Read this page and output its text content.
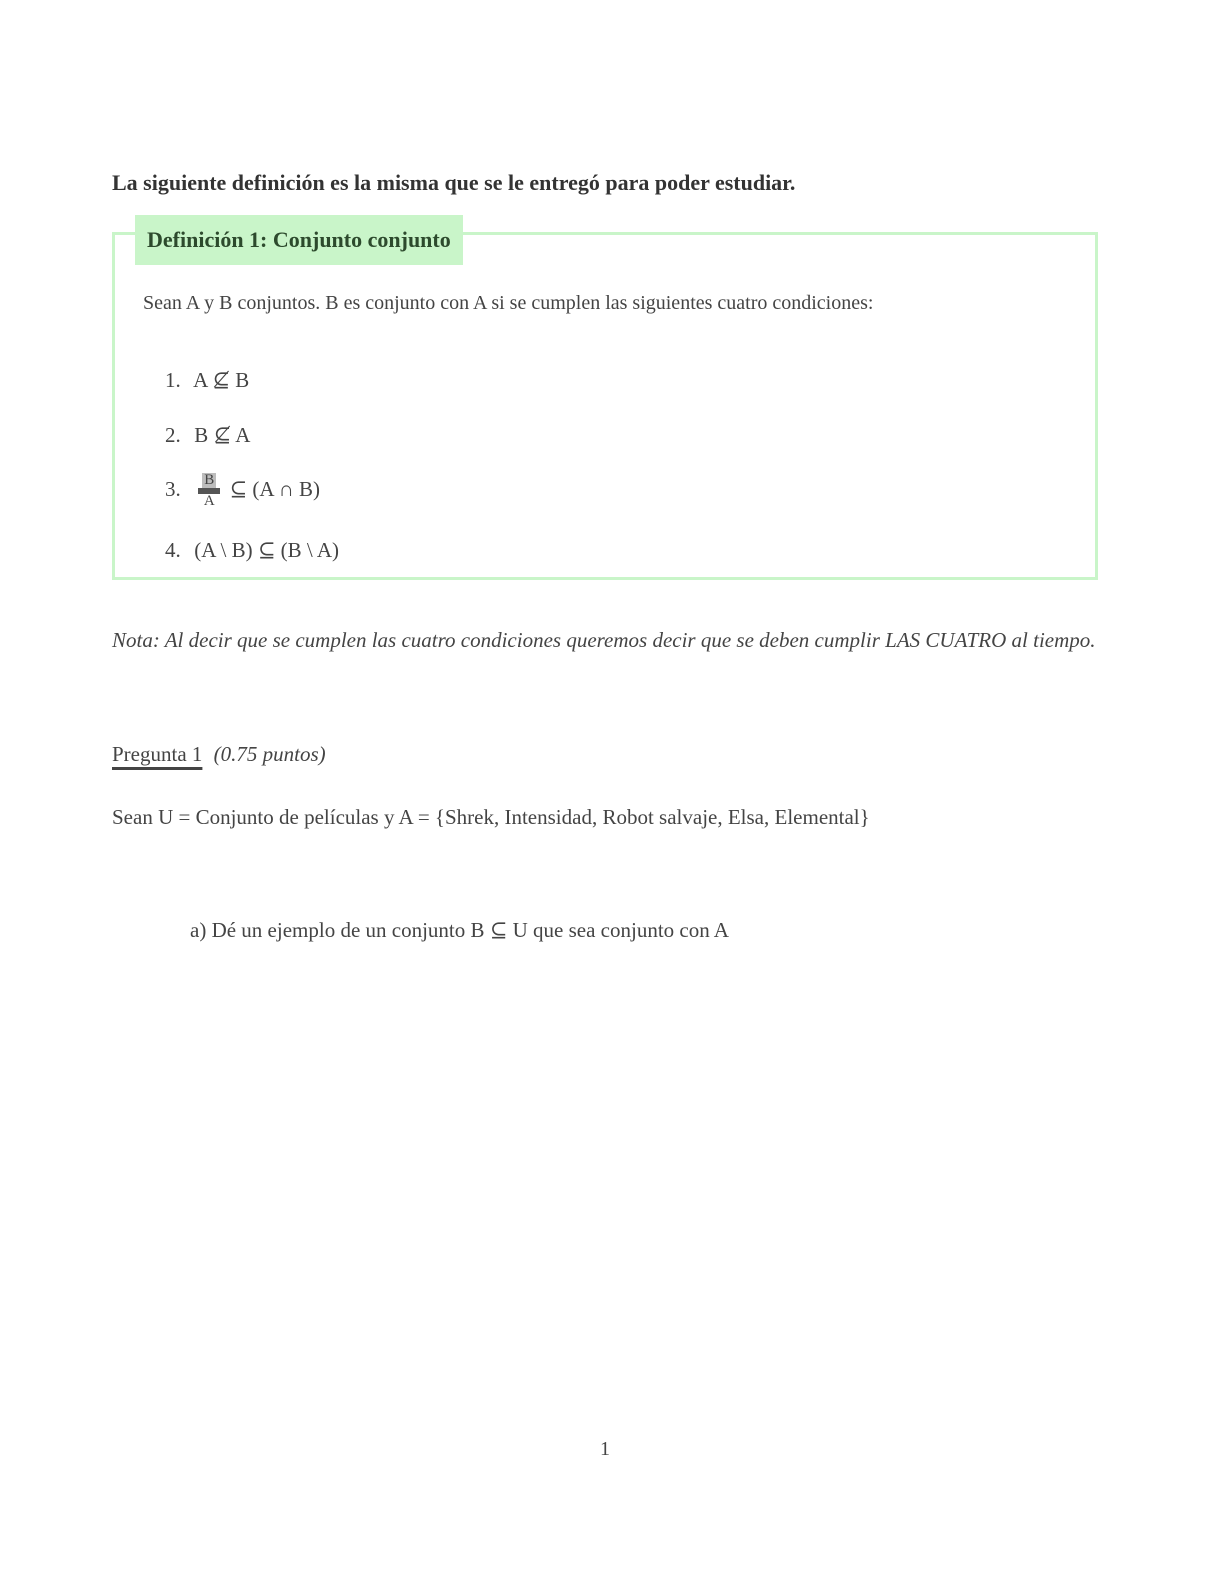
La siguiente definición es la misma que se le entregó para poder estudiar.
Definición 1: Conjunto conjunto
Sean A y B conjuntos. B es conjunto con A si se cumplen las siguientes cuatro condiciones:
1. A ⊈ B
2. B ⊈ A
3. B
A
⊆ (A ∩ B)
4. (A \ B) ⊆ (B \ A)
Nota: Al decir que se cumplen las cuatro condiciones queremos decir que se deben cumplir LAS CUATRO al tiempo.
Pregunta 1 (0.75 puntos)
Sean U = Conjunto de películas y A = {Shrek, Intensidad, Robot salvaje, Elsa, Elemental}
a) Dé un ejemplo de un conjunto B ⊆ U que sea conjunto con A
1
